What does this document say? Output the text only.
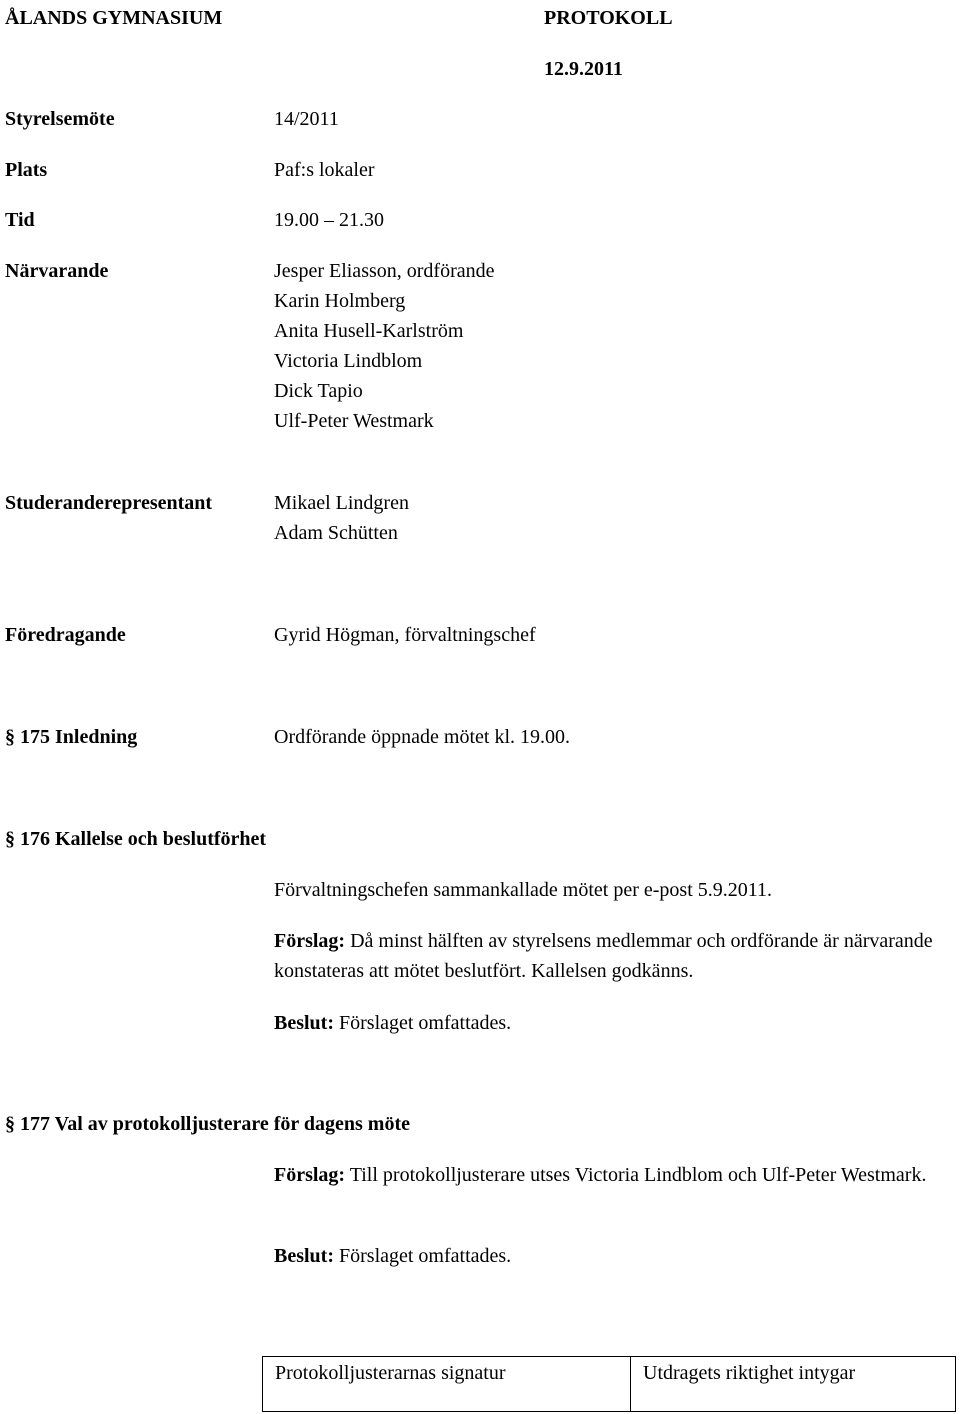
ÅLANDS GYMNASIUM	PROTOKOLL
12.9.2011
Styrelsemöte	14/2011
Plats	Paf:s lokaler
Tid	19.00 – 21.30
Närvarande	Jesper Eliasson, ordförande
Karin Holmberg
Anita Husell-Karlström
Victoria Lindblom
Dick Tapio
Ulf-Peter Westmark
Studeranderepresentant	Mikael Lindgren
Adam Schütten
Föredragande	Gyrid Högman, förvaltningschef
§ 175 Inledning	Ordförande öppnade mötet kl. 19.00.
§ 176 Kallelse och beslutförhet
Förvaltningschefen sammankallade mötet per e-post 5.9.2011.
Förslag: Då minst hälften av styrelsens medlemmar och ordförande är närvarande konstateras att mötet beslutfört. Kallelsen godkänns.
Beslut: Förslaget omfattades.
§ 177 Val av protokolljusterare för dagens möte
Förslag: Till protokolljusterare utses Victoria Lindblom och Ulf-Peter Westmark.
Beslut: Förslaget omfattades.
Protokolljusterarnas signatur	Utdragets riktighet intygar
